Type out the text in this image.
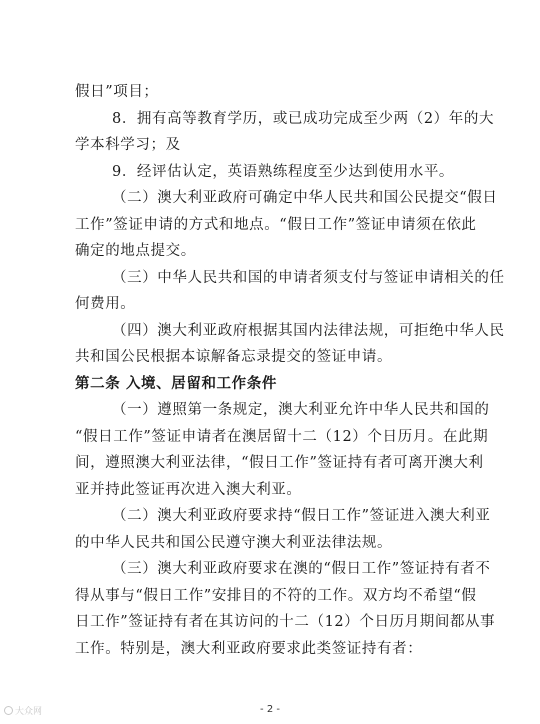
假日”项目；
8．拥有高等教育学历，或已成功完成至少两（2）年的大
学本科学习；及
9．经评估认定，英语熟练程度至少达到使用水平。
（二）澳大利亚政府可确定中华人民共和国公民提交“假日
工作”签证申请的方式和地点。“假日工作”签证申请须在依此
确定的地点提交。
（三）中华人民共和国的申请者须支付与签证申请相关的任
何费用。
（四）澳大利亚政府根据其国内法律法规，可拒绝中华人民
共和国公民根据本谅解备忘录提交的签证申请。
第二条 入境、居留和工作条件
（一）遵照第一条规定，澳大利亚允许中华人民共和国的
“假日工作”签证申请者在澳居留十二（12）个日历月。在此期
间，遵照澳大利亚法律，“假日工作”签证持有者可离开澳大利
亚并持此签证再次进入澳大利亚。
（二）澳大利亚政府要求持“假日工作”签证进入澳大利亚
的中华人民共和国公民遵守澳大利亚法律法规。
（三）澳大利亚政府要求在澳的“假日工作”签证持有者不
得从事与“假日工作”安排目的不符的工作。双方均不希望“假
日工作”签证持有者在其访问的十二（12）个日历月期间都从事
工作。特别是，澳大利亚政府要求此类签证持有者：
大众网	- 2 -
